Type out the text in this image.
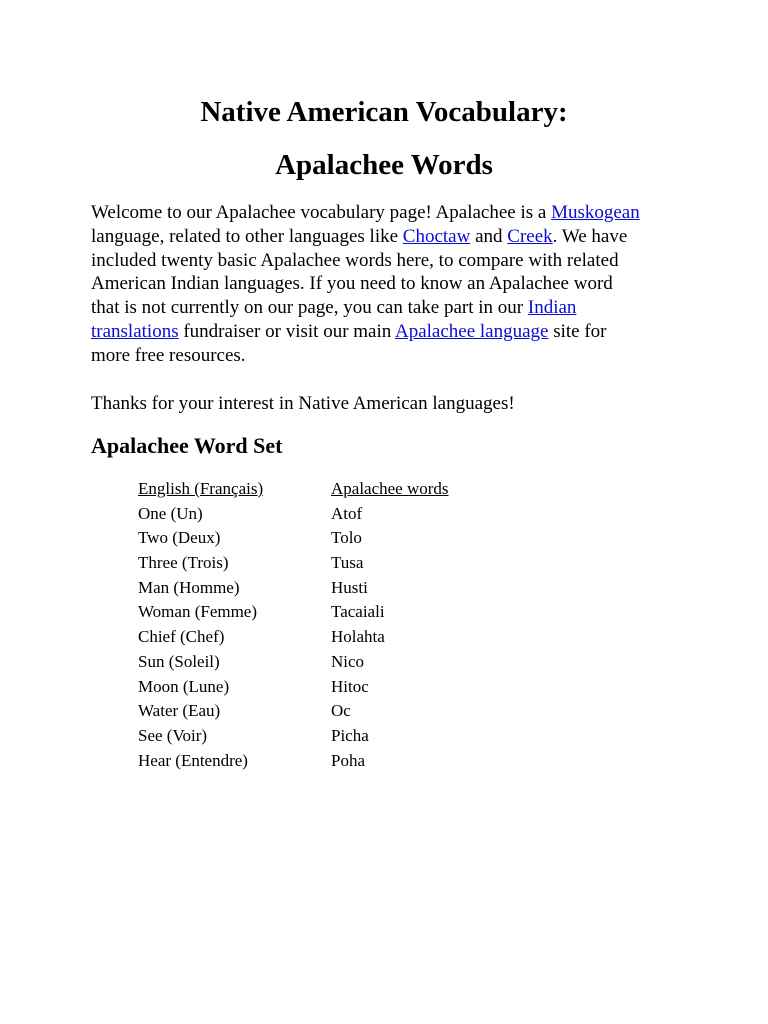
Native American Vocabulary:
Apalachee Words

Welcome to our Apalachee vocabulary page! Apalachee is a Muskogean
language, related to other languages like Choctaw and Creek. We have
included twenty basic Apalachee words here, to compare with related
American Indian languages. If you need to know an Apalachee word
that is not currently on our page, you can take part in our Indian
translations fundraiser or visit our main Apalachee language site for
more free resources.

Thanks for your interest in Native American languages!

Apalachee Word Set
English (Français)	Apalachee words
One (Un)	Atof
Two (Deux)	Tolo
Three (Trois)	Tusa
Man (Homme)	Husti
Woman (Femme)	Tacaiali
Chief (Chef)	Holahta
Sun (Soleil)	Nico
Moon (Lune)	Hitoc
Water (Eau)	Oc
See (Voir)	Picha
Hear (Entendre)	Poha
